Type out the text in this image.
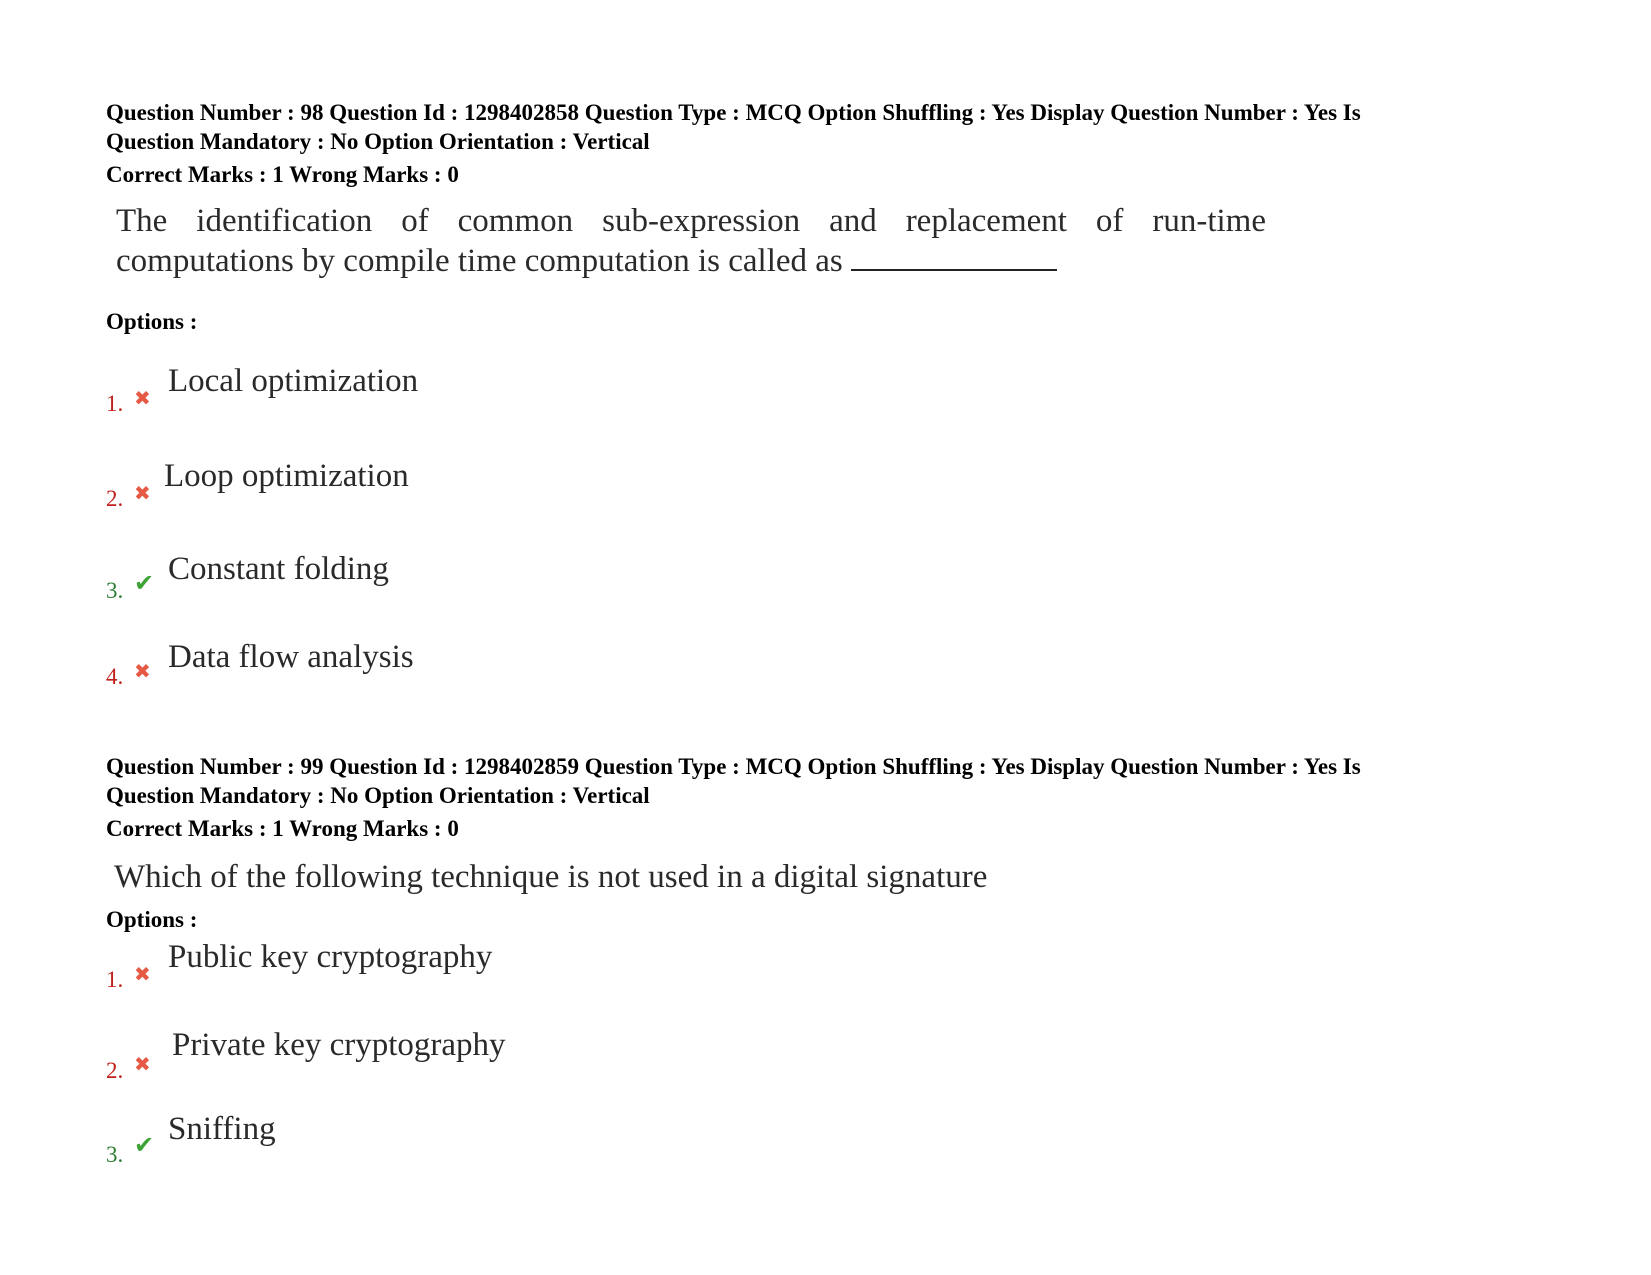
Question Number : 98 Question Id : 1298402858 Question Type : MCQ Option Shuffling : Yes Display Question Number : Yes Is
Question Mandatory : No Option Orientation : Vertical
Correct Marks : 1 Wrong Marks : 0
The identification of common sub-expression and replacement of run-time computations by compile time computation is called as
Options :
1. ✖ Local optimization
2. ✖ Loop optimization
3. ✔ Constant folding
4. ✖ Data flow analysis
Question Number : 99 Question Id : 1298402859 Question Type : MCQ Option Shuffling : Yes Display Question Number : Yes Is
Question Mandatory : No Option Orientation : Vertical
Correct Marks : 1 Wrong Marks : 0
Which of the following technique is not used in a digital signature
Options :
1. ✖ Public key cryptography
2. ✖
Private key cryptography
3. ✔ Sniffing
